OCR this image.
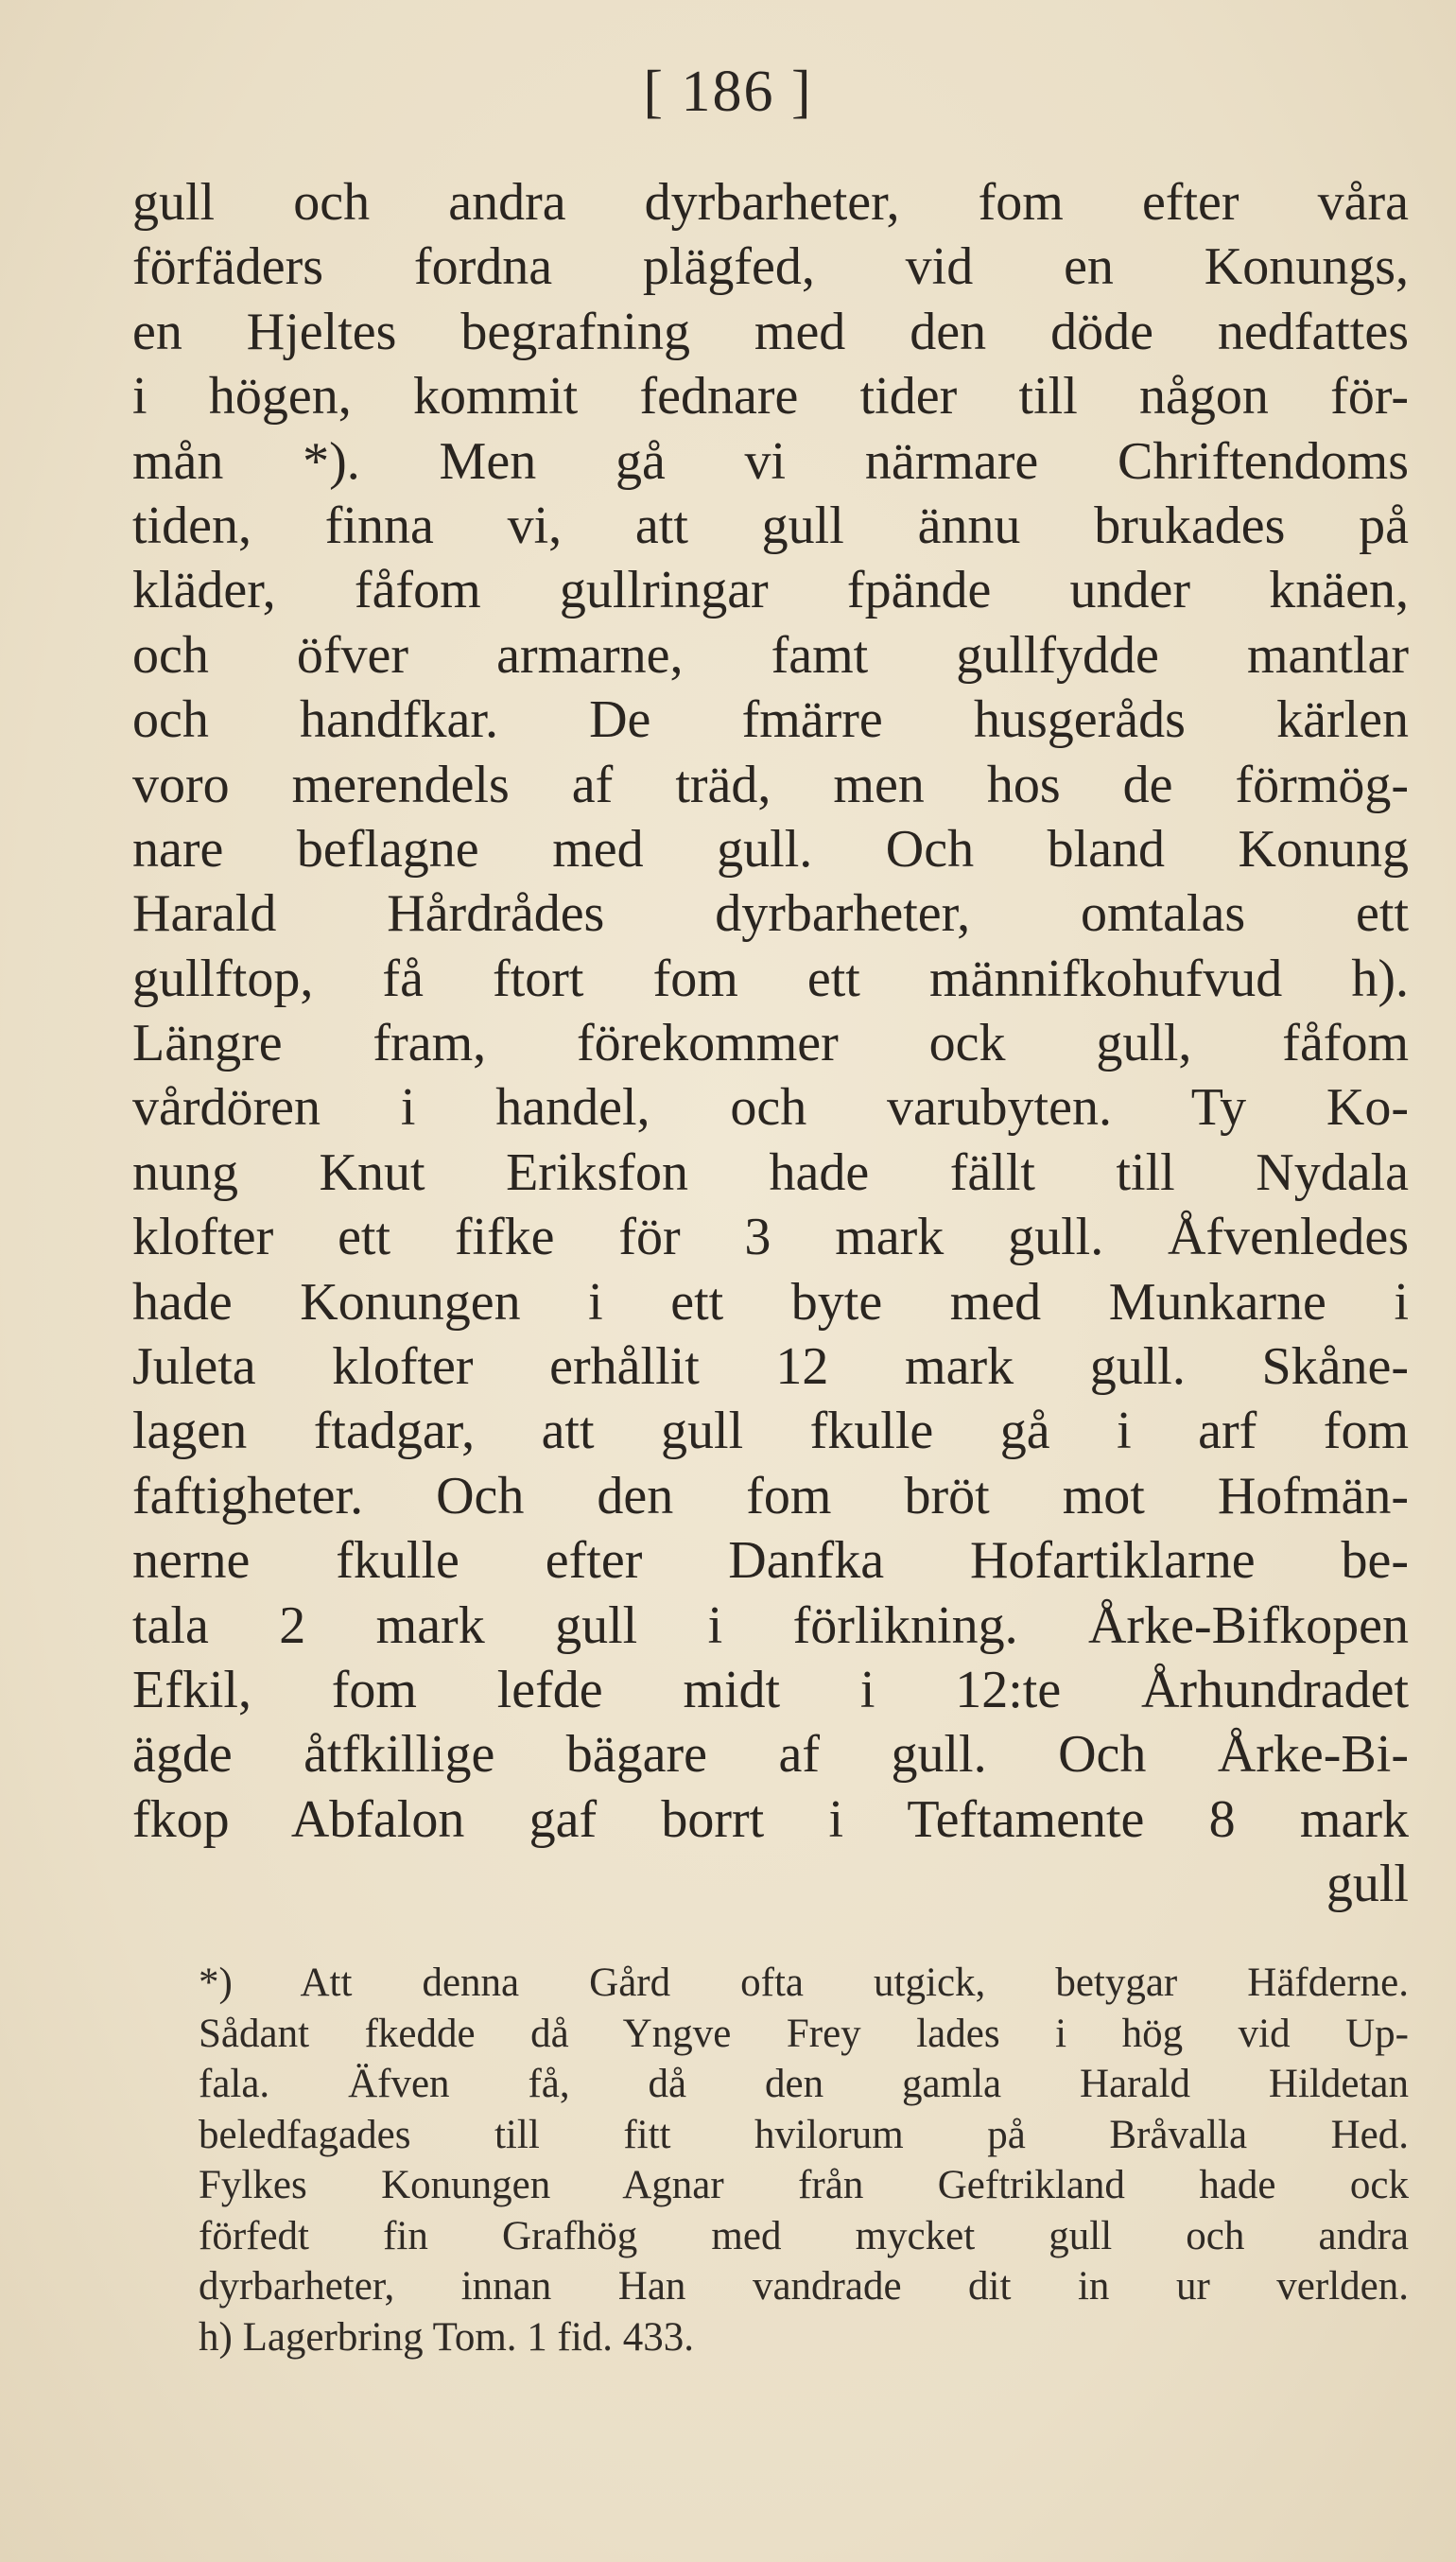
[ 186 ]
gull och andra dyrbarheter, fom efter våra
förfäders fordna plägfed, vid en Konungs,
en Hjeltes begrafning med den döde nedfattes
i högen, kommit fednare tider till någon för-
mån *). Men gå vi närmare Chriftendoms
tiden, finna vi, att gull ännu brukades på
kläder, fåfom gullringar fpände under knäen,
och öfver armarne, famt gullfydde mantlar
och handfkar. De fmärre husgeråds kärlen
voro merendels af träd, men hos de förmög-
nare beflagne med gull. Och bland Konung
Harald Hårdrådes dyrbarheter, omtalas ett
gullftop, få ftort fom ett männifkohufvud h).
Längre fram, förekommer ock gull, fåfom
vårdören i handel, och varubyten. Ty Ko-
nung Knut Eriksfon hade fällt till Nydala
klofter ett fifke för 3 mark gull. Åfvenledes
hade Konungen i ett byte med Munkarne i
Juleta klofter erhållit 12 mark gull. Skåne-
lagen ftadgar, att gull fkulle gå i arf fom
faftigheter. Och den fom bröt mot Hofmän-
nerne fkulle efter Danfka Hofartiklarne be-
tala 2 mark gull i förlikning. Årke-Bifkopen
Efkil, fom lefde midt i 12:te Århundradet
ägde åtfkillige bägare af gull. Och Årke-Bi-
fkop Abfalon gaf borrt i Teftamente 8 mark
gull
*) Att denna Gård ofta utgick, betygar Häfderne.
Sådant fkedde då Yngve Frey lades i hög vid Up-
fala. Äfven få, då den gamla Harald Hildetan
beledfagades till fitt hvilorum på Bråvalla Hed.
Fylkes Konungen Agnar från Geftrikland hade ock
förfedt fin Grafhög med mycket gull och andra
dyrbarheter, innan Han vandrade dit in ur verlden.
h) Lagerbring Tom. 1 fid. 433.
